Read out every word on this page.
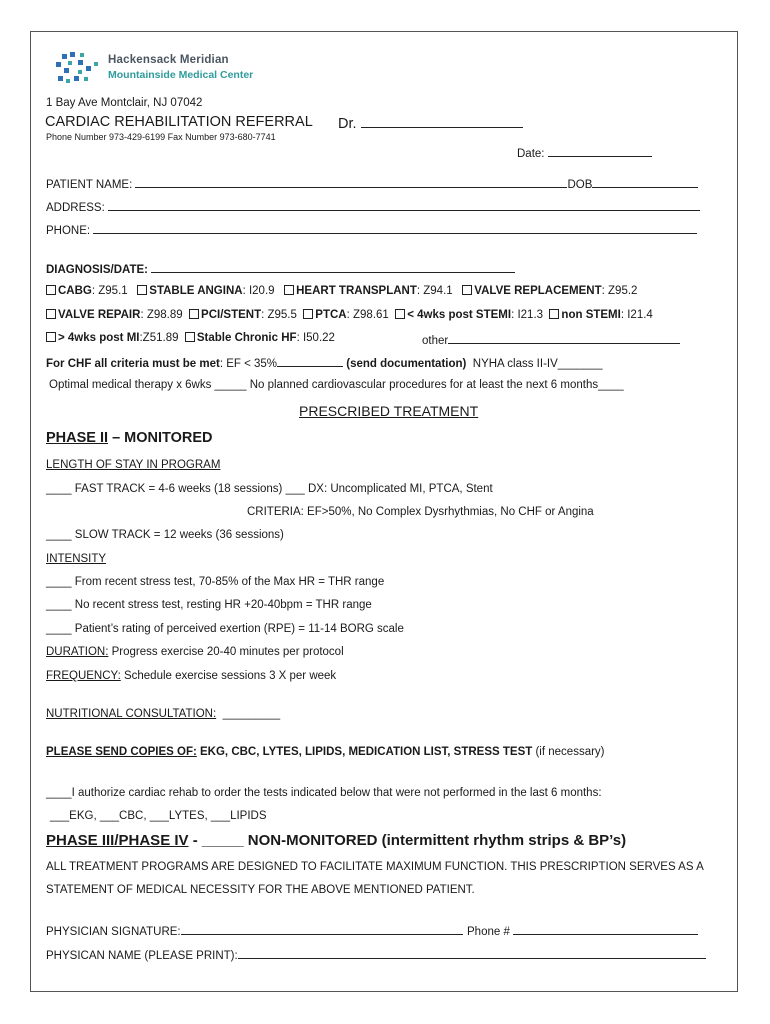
Hackensack Meridian
Mountainside Medical Center
1 Bay Ave Montclair, NJ 07042
CARDIAC REHABILITATION REFERRAL Dr.
Phone Number 973-429-6199 Fax Number 973-680-7741
Date:
PATIENT NAME:	DOB
ADDRESS:
PHONE:
DIAGNOSIS/DATE:
CABG: Z95.1 STABLE ANGINA: I20.9 HEART TRANSPLANT: Z94.1 VALVE REPLACEMENT: Z95.2
VALVE REPAIR: Z98.89 PCI/STENT: Z95.5 PTCA: Z98.61 < 4wks post STEMI: I21.3 non STEMI: I21.4
> 4wks post MI:Z51.89 Stable Chronic HF: I50.22	other
For CHF all criteria must be met: EF < 35%	(send documentation) NYHA class II-IV_______
Optimal medical therapy x 6wks _____ No planned cardiovascular procedures for at least the next 6 months____
PRESCRIBED TREATMENT
PHASE II – MONITORED
LENGTH OF STAY IN PROGRAM
____ FAST TRACK = 4-6 weeks (18 sessions) ___ DX: Uncomplicated MI, PTCA, Stent
CRITERIA: EF>50%, No Complex Dysrhythmias, No CHF or Angina
____ SLOW TRACK = 12 weeks (36 sessions)
INTENSITY
____ From recent stress test, 70-85% of the Max HR = THR range
____ No recent stress test, resting HR +20-40bpm = THR range
____ Patient’s rating of perceived exertion (RPE) = 11-14 BORG scale
DURATION: Progress exercise 20-40 minutes per protocol
FREQUENCY: Schedule exercise sessions 3 X per week
NUTRITIONAL CONSULTATION: _________
PLEASE SEND COPIES OF: EKG, CBC, LYTES, LIPIDS, MEDICATION LIST, STRESS TEST (if necessary)
____I authorize cardiac rehab to order the tests indicated below that were not performed in the last 6 months:
___EKG, ___CBC, ___LYTES, ___LIPIDS
PHASE III/PHASE IV - _____ NON-MONITORED (intermittent rhythm strips & BP’s)
ALL TREATMENT PROGRAMS ARE DESIGNED TO FACILITATE MAXIMUM FUNCTION. THIS PRESCRIPTION SERVES AS A
STATEMENT OF MEDICAL NECESSITY FOR THE ABOVE MENTIONED PATIENT.
PHYSICIAN SIGNATURE:	Phone #
PHYSICAN NAME (PLEASE PRINT):
